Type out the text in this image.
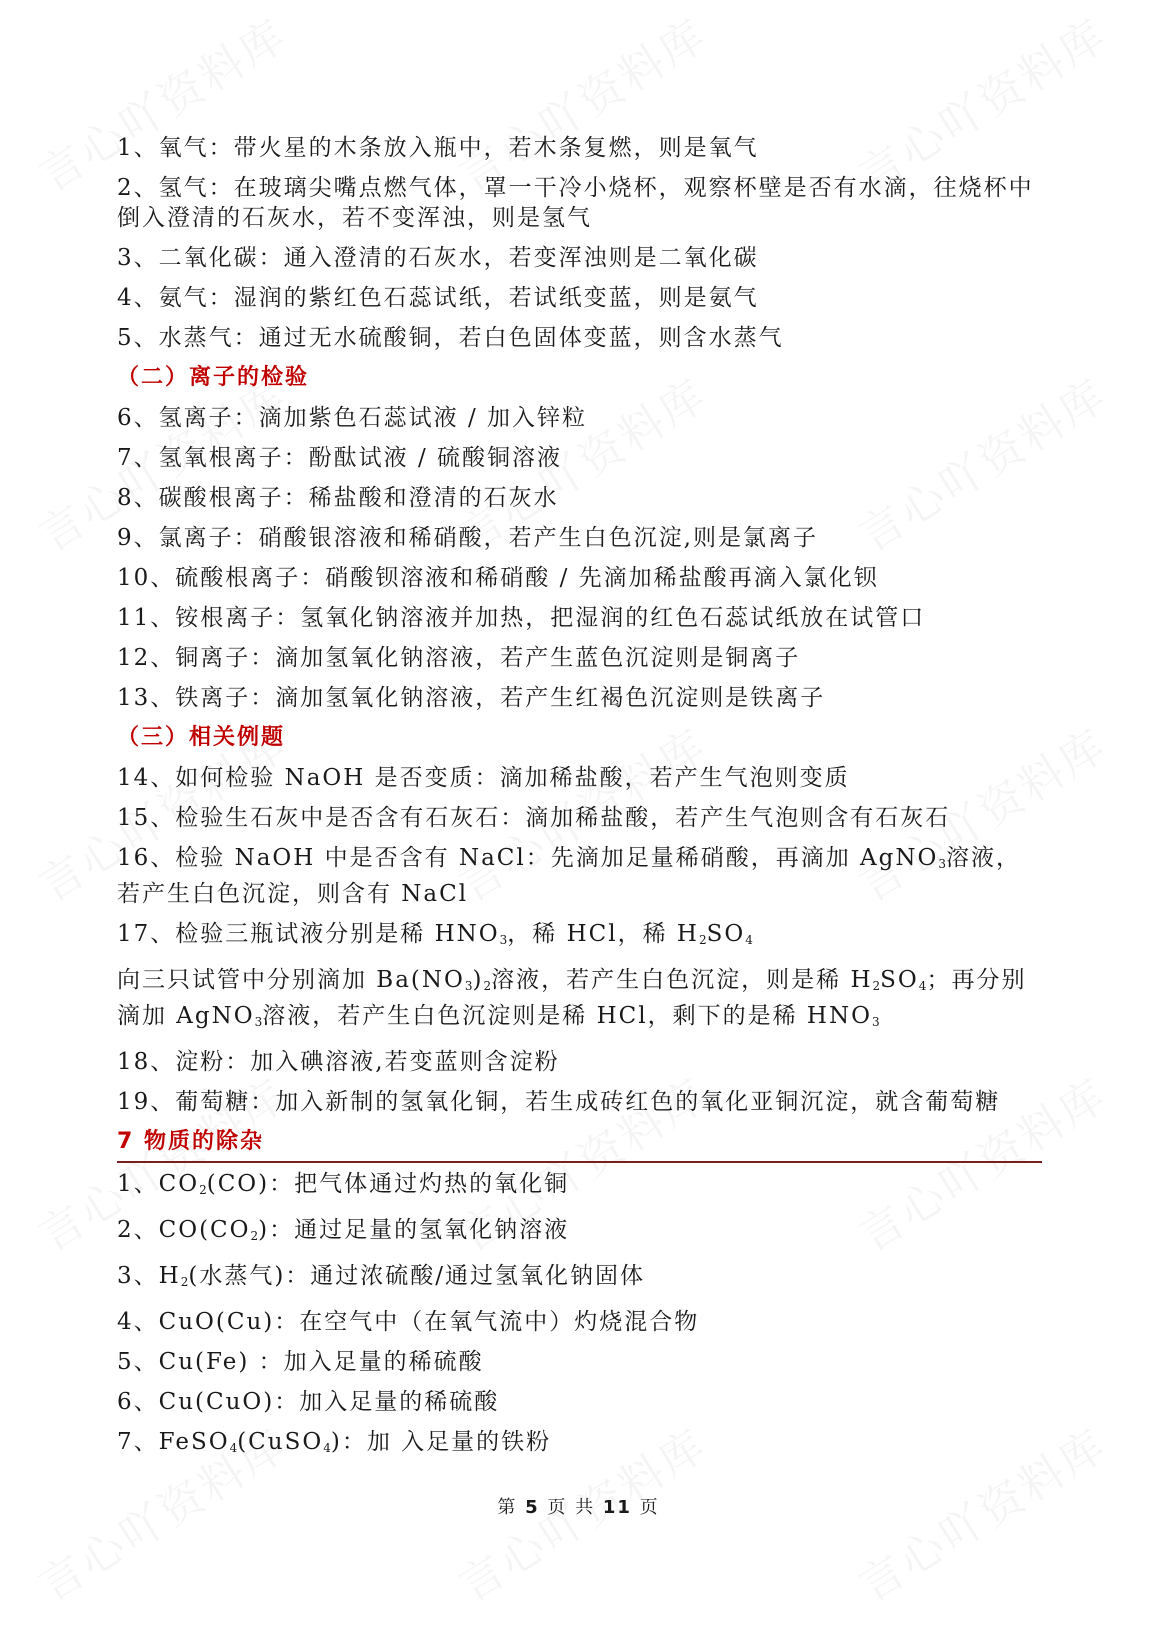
1、氧气：带火星的木条放入瓶中，若木条复燃，则是氧气

2、氢气：在玻璃尖嘴点燃气体，罩一干冷小烧杯，观察杯壁是否有水滴，往烧杯中倒入澄清的石灰水，若不变浑浊，则是氢气

3、二氧化碳：通入澄清的石灰水，若变浑浊则是二氧化碳

4、氨气：湿润的紫红色石蕊试纸，若试纸变蓝，则是氨气

5、水蒸气：通过无水硫酸铜，若白色固体变蓝，则含水蒸气

（二）离子的检验

6、氢离子：滴加紫色石蕊试液 / 加入锌粒

7、氢氧根离子：酚酞试液 / 硫酸铜溶液

8、碳酸根离子：稀盐酸和澄清的石灰水

9、氯离子：硝酸银溶液和稀硝酸，若产生白色沉淀,则是氯离子

10、硫酸根离子：硝酸钡溶液和稀硝酸 / 先滴加稀盐酸再滴入氯化钡

11、铵根离子：氢氧化钠溶液并加热，把湿润的红色石蕊试纸放在试管口

12、铜离子：滴加氢氧化钠溶液，若产生蓝色沉淀则是铜离子

13、铁离子：滴加氢氧化钠溶液，若产生红褐色沉淀则是铁离子

（三）相关例题

14、如何检验 NaOH 是否变质：滴加稀盐酸，若产生气泡则变质

15、检验生石灰中是否含有石灰石：滴加稀盐酸，若产生气泡则含有石灰石

16、检验 NaOH 中是否含有 NaCl：先滴加足量稀硝酸，再滴加 AgNO$_3$溶液，若产生白色沉淀，则含有 NaCl

17、检验三瓶试液分别是稀 $HNO_3$，稀 HCl，稀 $H_2SO_4$

向三只试管中分别滴加 $Ba(NO_3)_2$溶液，若产生白色沉淀，则是稀 $H_2SO_4$；再分别滴加 AgNO$_3$溶液，若产生白色沉淀则是稀 HCl，剩下的是稀 $HNO_3$

18、淀粉：加入碘溶液,若变蓝则含淀粉

19、葡萄糖：加入新制的氢氧化铜，若生成砖红色的氧化亚铜沉淀，就含葡萄糖

7 物质的除杂

1、$CO_2(CO)$：把气体通过灼热的氧化铜

2、$CO(CO_2)$：通过足量的氢氧化钠溶液

3、$H_2$(水蒸气)：通过浓硫酸/通过氢氧化钠固体

4、CuO(Cu)：在空气中（在氧气流中）灼烧混合物

5、Cu(Fe) ：加入足量的稀硫酸

6、Cu(CuO)：加入足量的稀硫酸

7、FeSO$_4$(CuSO$_4$)：加 入足量的铁粉

第 5 页 共 11 页
